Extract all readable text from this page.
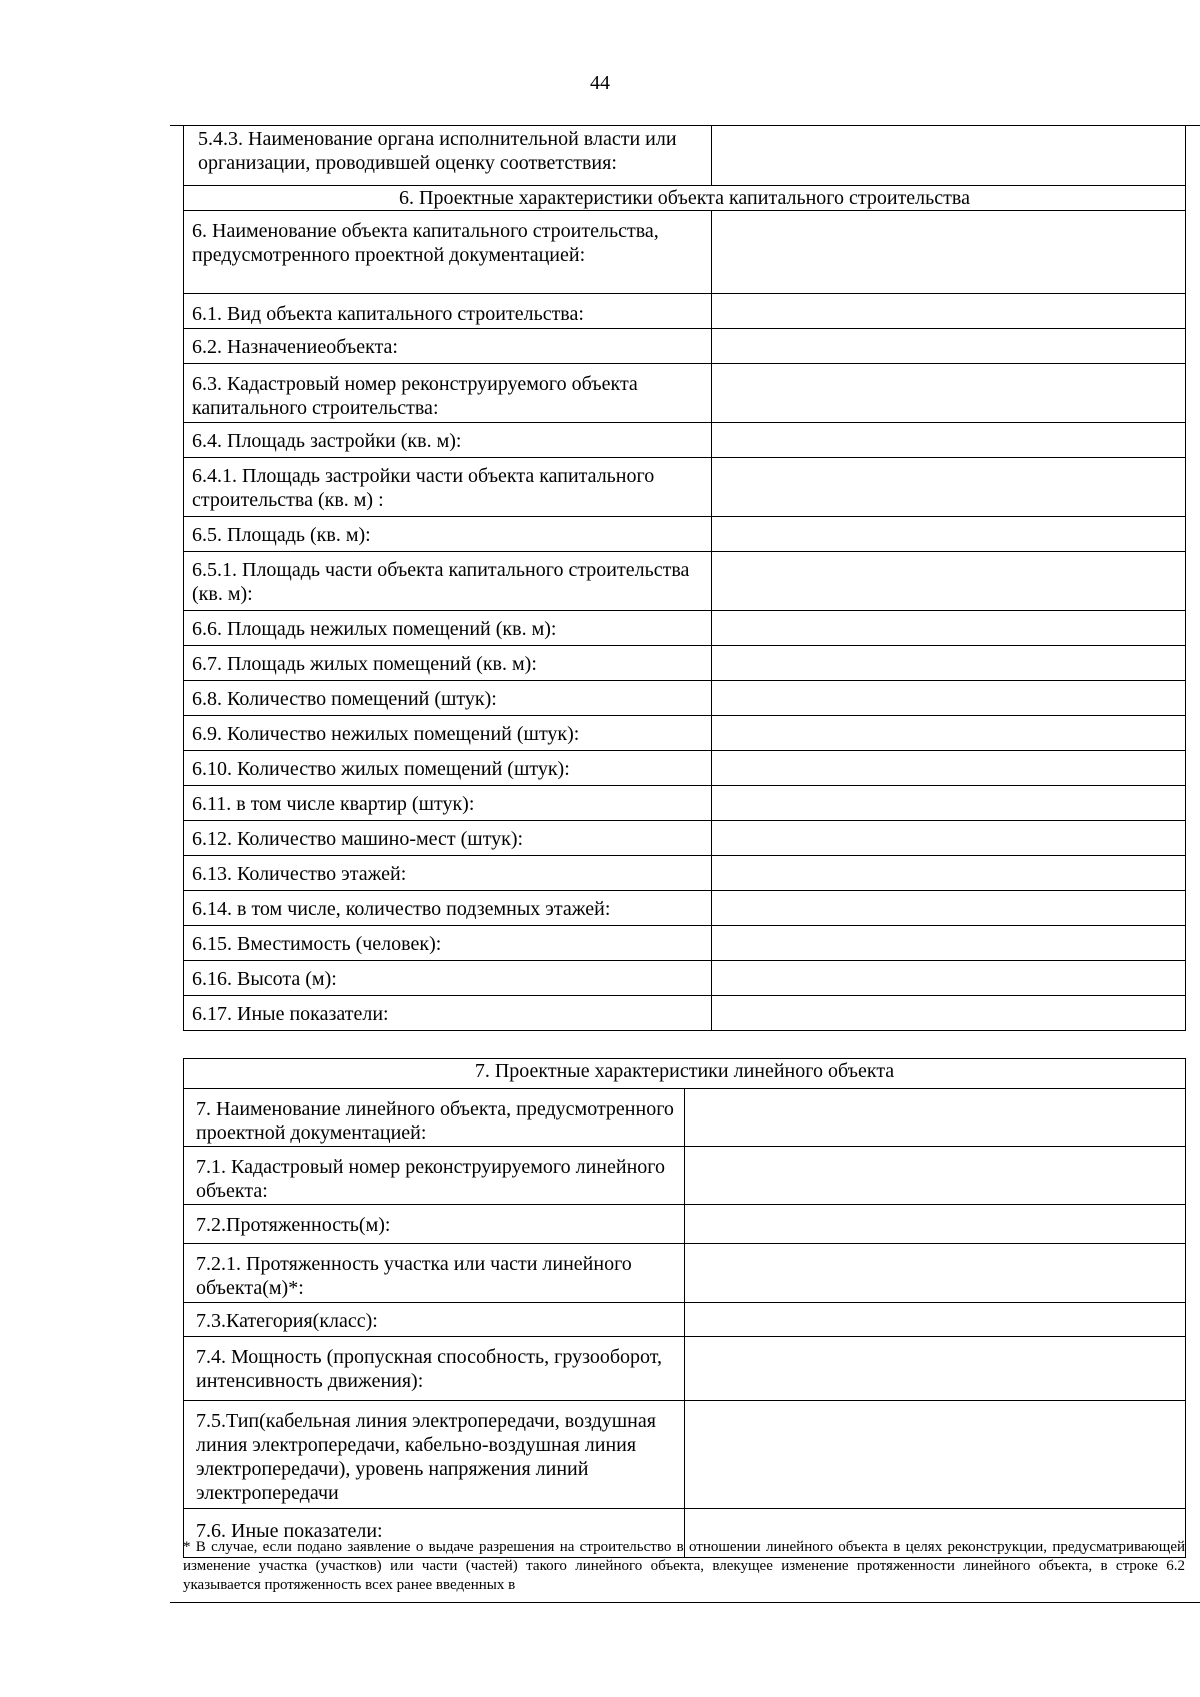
44
5.4.3. Наименование органа исполнительной власти или организации, проводившей оценку соответствия:	
6. Проектные характеристики объекта капитального строительства	
6. Наименование объекта капитального строительства, предусмотренного проектной документацией:	
6.1. Вид объекта капитального строительства:	
6.2. Назначениеобъекта:	
6.3. Кадастровый номер реконструируемого объекта капитального строительства:	
6.4. Площадь застройки (кв. м):	
6.4.1. Площадь застройки части объекта капитального строительства (кв. м) :	
6.5. Площадь (кв. м):	
6.5.1. Площадь части объекта капитального строительства (кв. м):	
6.6. Площадь нежилых помещений (кв. м):	
6.7. Площадь жилых помещений (кв. м):	
6.8. Количество помещений (штук):	
6.9. Количество нежилых помещений (штук):	
6.10. Количество жилых помещений (штук):	
6.11. в том числе квартир (штук):	
6.12. Количество машино-мест (штук):	
6.13. Количество этажей:	
6.14. в том числе, количество подземных этажей:	
6.15. Вместимость (человек):	
6.16. Высота (м):	
6.17. Иные показатели:	
7. Проектные характеристики линейного объекта	
7. Наименование линейного объекта, предусмотренного проектной документацией:	
7.1. Кадастровый номер реконструируемого линейного объекта:	
7.2.Протяженность(м):	
7.2.1. Протяженность участка или части линейного объекта(м)*:	
7.3.Категория(класс):	
7.4. Мощность (пропускная способность, грузооборот, интенсивность движения):	
7.5.Тип(кабельная линия электропередачи, воздушная линия электропередачи, кабельно-воздушная линия электропередачи), уровень напряжения линий электропередачи	
7.6. Иные показатели:	
* В случае, если подано заявление о выдаче разрешения на строительство в отношении линейного объекта в целях реконструкции, предусматривающей изменение участка (участков) или части (частей) такого линейного объекта, влекущее изменение протяженности линейного объекта, в строке 6.2 указывается протяженность всех ранее введенных в
